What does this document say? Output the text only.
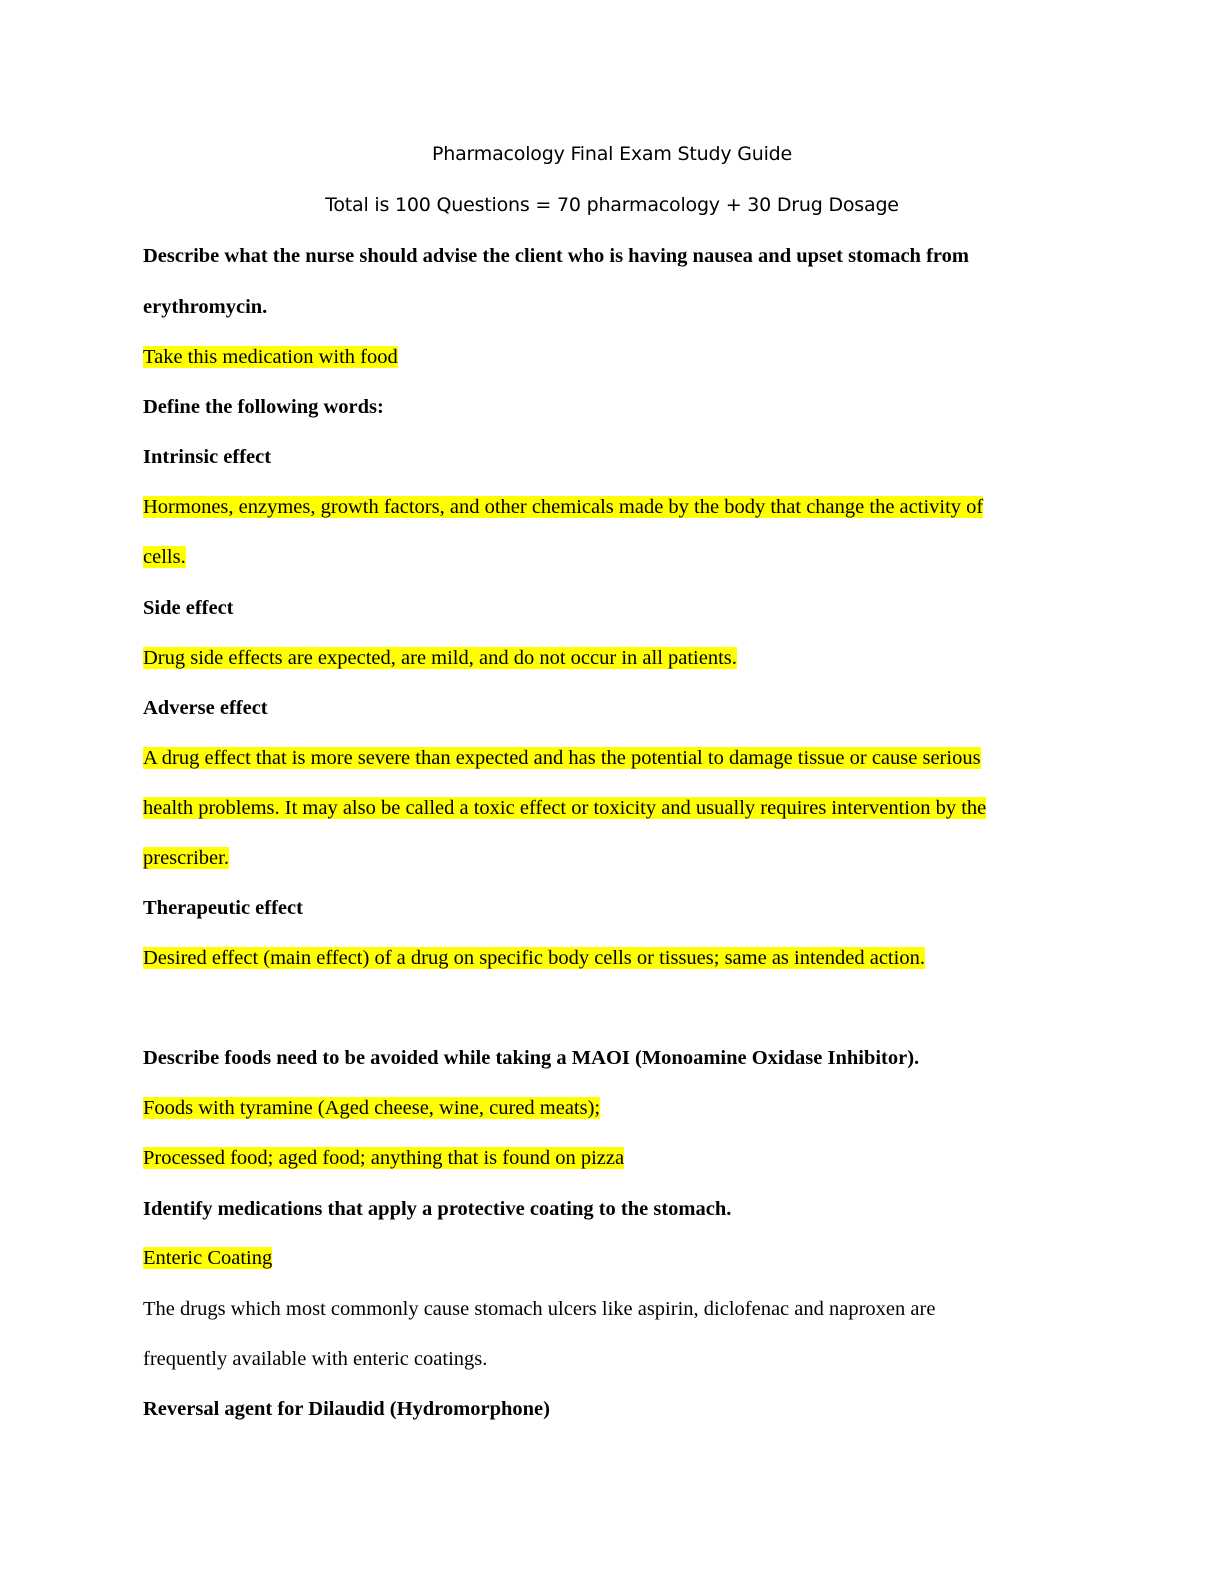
Pharmacology Final Exam Study Guide
Total is 100 Questions = 70 pharmacology + 30 Drug Dosage
Describe what the nurse should advise the client who is having nausea and upset stomach from
erythromycin.
Take this medication with food
Define the following words:
Intrinsic effect
Hormones, enzymes, growth factors, and other chemicals made by the body that change the activity of
cells.
Side effect
Drug side effects are expected, are mild, and do not occur in all patients.
Adverse effect
A drug effect that is more severe than expected and has the potential to damage tissue or cause serious
health problems. It may also be called a toxic effect or toxicity and usually requires intervention by the
prescriber.
Therapeutic effect
Desired effect (main effect) of a drug on specific body cells or tissues; same as intended action.
Describe foods need to be avoided while taking a MAOI (Monoamine Oxidase Inhibitor).
Foods with tyramine (Aged cheese, wine, cured meats);
Processed food; aged food; anything that is found on pizza
Identify medications that apply a protective coating to the stomach.
Enteric Coating
The drugs which most commonly cause stomach ulcers like aspirin, diclofenac and naproxen are
frequently available with enteric coatings.
Reversal agent for Dilaudid (Hydromorphone)
